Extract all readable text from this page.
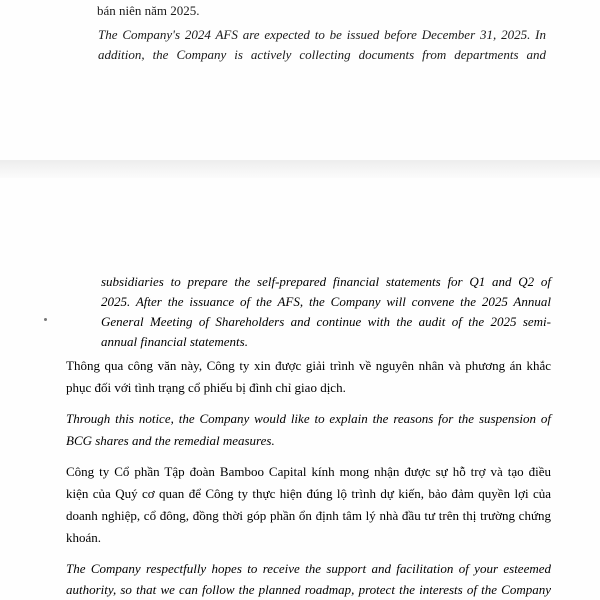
bán niên năm 2025.

The Company's 2024 AFS are expected to be issued before December 31, 2025. In

addition, the Company is actively collecting documents from departments and

subsidiaries to prepare the self-prepared financial statements for Q1 and Q2 of

2025. After the issuance of the AFS, the Company will convene the 2025 Annual

General Meeting of Shareholders and continue with the audit of the 2025 semi-

annual financial statements.

Thông qua công văn này, Công ty xin được giải trình về nguyên nhân và phương án khắc

phục đối với tình trạng cổ phiếu bị đình chỉ giao dịch.

Through this notice, the Company would like to explain the reasons for the suspension of

BCG shares and the remedial measures.

Công ty Cổ phần Tập đoàn Bamboo Capital kính mong nhận được sự hỗ trợ và tạo điều

kiện của Quý cơ quan để Công ty thực hiện đúng lộ trình dự kiến, bảo đảm quyền lợi của

doanh nghiệp, cổ đông, đồng thời góp phần ổn định tâm lý nhà đầu tư trên thị trường chứng

khoán.

The Company respectfully hopes to receive the support and facilitation of your esteemed

authority, so that we can follow the planned roadmap, protect the interests of the Company
